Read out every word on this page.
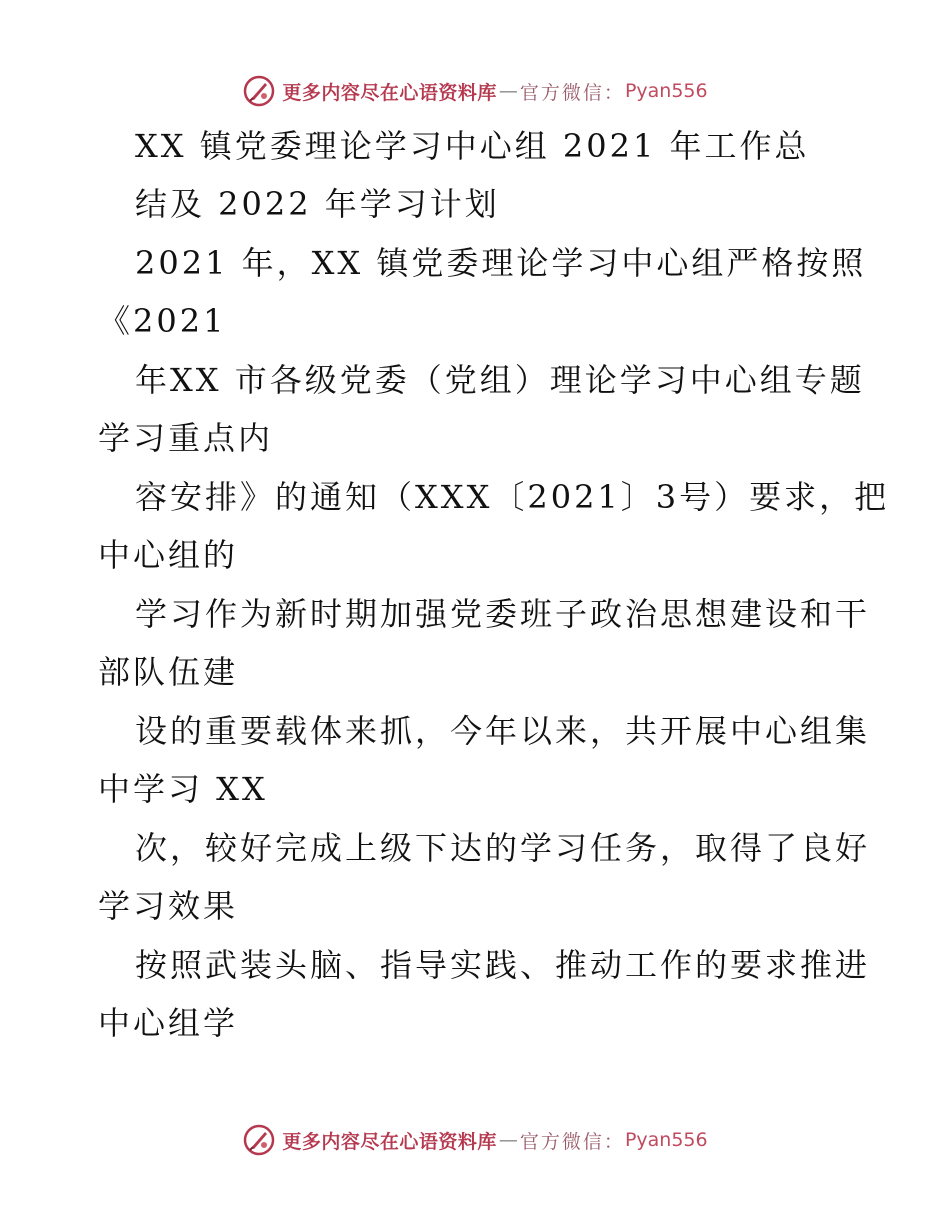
更多内容尽在心语资料库 — 官方微信： Pyan556
XX 镇党委理论学习中心组 2021 年工作总
结及 2022 年学习计划
2021 年，XX 镇党委理论学习中心组严格按照
《2021
年XX 市各级党委（党组）理论学习中心组专题
学习重点内
容安排》的通知（XXX〔2021〕3号）要求，把
中心组的
学习作为新时期加强党委班子政治思想建设和干
部队伍建
设的重要载体来抓，今年以来，共开展中心组集
中学习 XX
次，较好完成上级下达的学习任务，取得了良好
学习效果
按照武装头脑、指导实践、推动工作的要求推进
中心组学
更多内容尽在心语资料库 — 官方微信： Pyan556
